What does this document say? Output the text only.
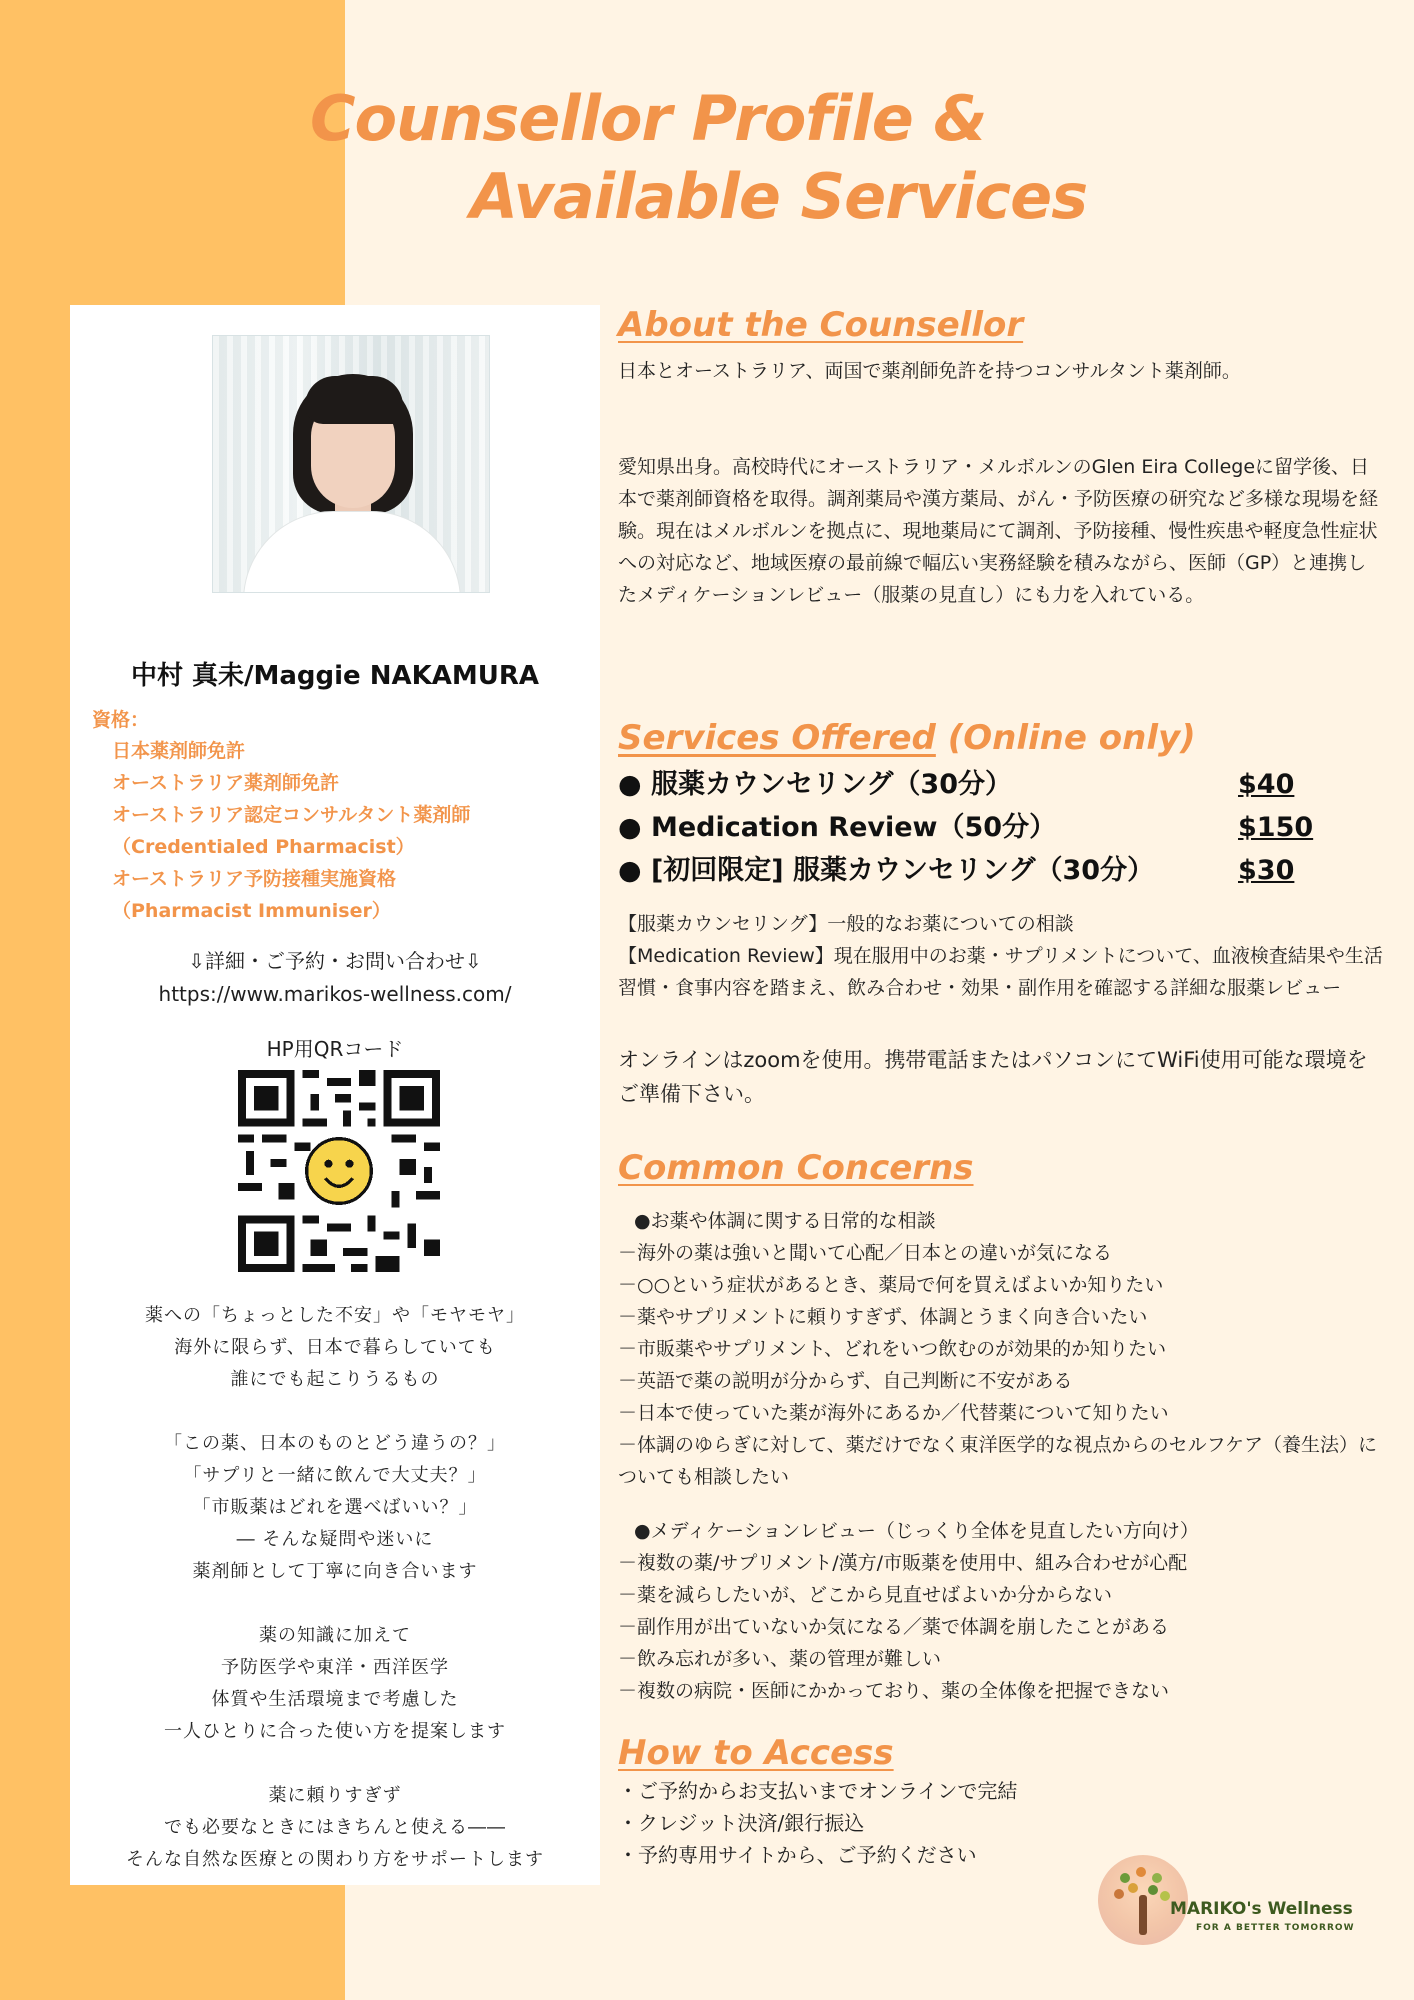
Counsellor Profile &
Available Services
中村 真未/Maggie NAKAMURA
資格：
日本薬剤師免許
オーストラリア薬剤師免許
オーストラリア認定コンサルタント薬剤師
（Credentialed Pharmacist）
オーストラリア予防接種実施資格
（Pharmacist Immuniser）
⇩詳細・ご予約・お問い合わせ⇩
https://www.marikos-wellness.com/
HP用QRコード
薬への「ちょっとした不安」や「モヤモヤ」
海外に限らず、日本で暮らしていても
誰にでも起こりうるもの
「この薬、日本のものとどう違うの？」
「サプリと一緒に飲んで大丈夫？」
「市販薬はどれを選べばいい？」
― そんな疑問や迷いに
薬剤師として丁寧に向き合います
薬の知識に加えて
予防医学や東洋・西洋医学
体質や生活環境まで考慮した
一人ひとりに合った使い方を提案します
薬に頼りすぎず
でも必要なときにはきちんと使える――
そんな自然な医療との関わり方をサポートします
About the Counsellor
日本とオーストラリア、両国で薬剤師免許を持つコンサルタント薬剤師。
愛知県出身。高校時代にオーストラリア・メルボルンのGlen Eira Collegeに留学後、日本で薬剤師資格を取得。調剤薬局や漢方薬局、がん・予防医療の研究など多様な現場を経験。現在はメルボルンを拠点に、現地薬局にて調剤、予防接種、慢性疾患や軽度急性症状への対応など、地域医療の最前線で幅広い実務経験を積みながら、医師（GP）と連携したメディケーションレビュー（服薬の見直し）にも力を入れている。
Services Offered (Online only)
● 服薬カウンセリング（30分）	$40
● Medication Review（50分）	$150
● [初回限定] 服薬カウンセリング（30分）	$30
【服薬カウンセリング】一般的なお薬についての相談
【Medication Review】現在服用中のお薬・サプリメントについて、血液検査結果や生活習慣・食事内容を踏まえ、飲み合わせ・効果・副作用を確認する詳細な服薬レビュー
オンラインはzoomを使用。携帯電話またはパソコンにてWiFi使用可能な環境をご準備下さい。
Common Concerns
●お薬や体調に関する日常的な相談
－海外の薬は強いと聞いて心配／日本との違いが気になる
－○○という症状があるとき、薬局で何を買えばよいか知りたい
－薬やサプリメントに頼りすぎず、体調とうまく向き合いたい
－市販薬やサプリメント、どれをいつ飲むのが効果的か知りたい
－英語で薬の説明が分からず、自己判断に不安がある
－日本で使っていた薬が海外にあるか／代替薬について知りたい
－体調のゆらぎに対して、薬だけでなく東洋医学的な視点からのセルフケア（養生法）についても相談したい
●メディケーションレビュー（じっくり全体を見直したい方向け）
－複数の薬/サプリメント/漢方/市販薬を使用中、組み合わせが心配
－薬を減らしたいが、どこから見直せばよいか分からない
－副作用が出ていないか気になる／薬で体調を崩したことがある
－飲み忘れが多い、薬の管理が難しい
－複数の病院・医師にかかっており、薬の全体像を把握できない
How to Access
・ご予約からお支払いまでオンラインで完結
・クレジット決済/銀行振込
・予約専用サイトから、ご予約ください
MARIKO's Wellness
FOR A BETTER TOMORROW
